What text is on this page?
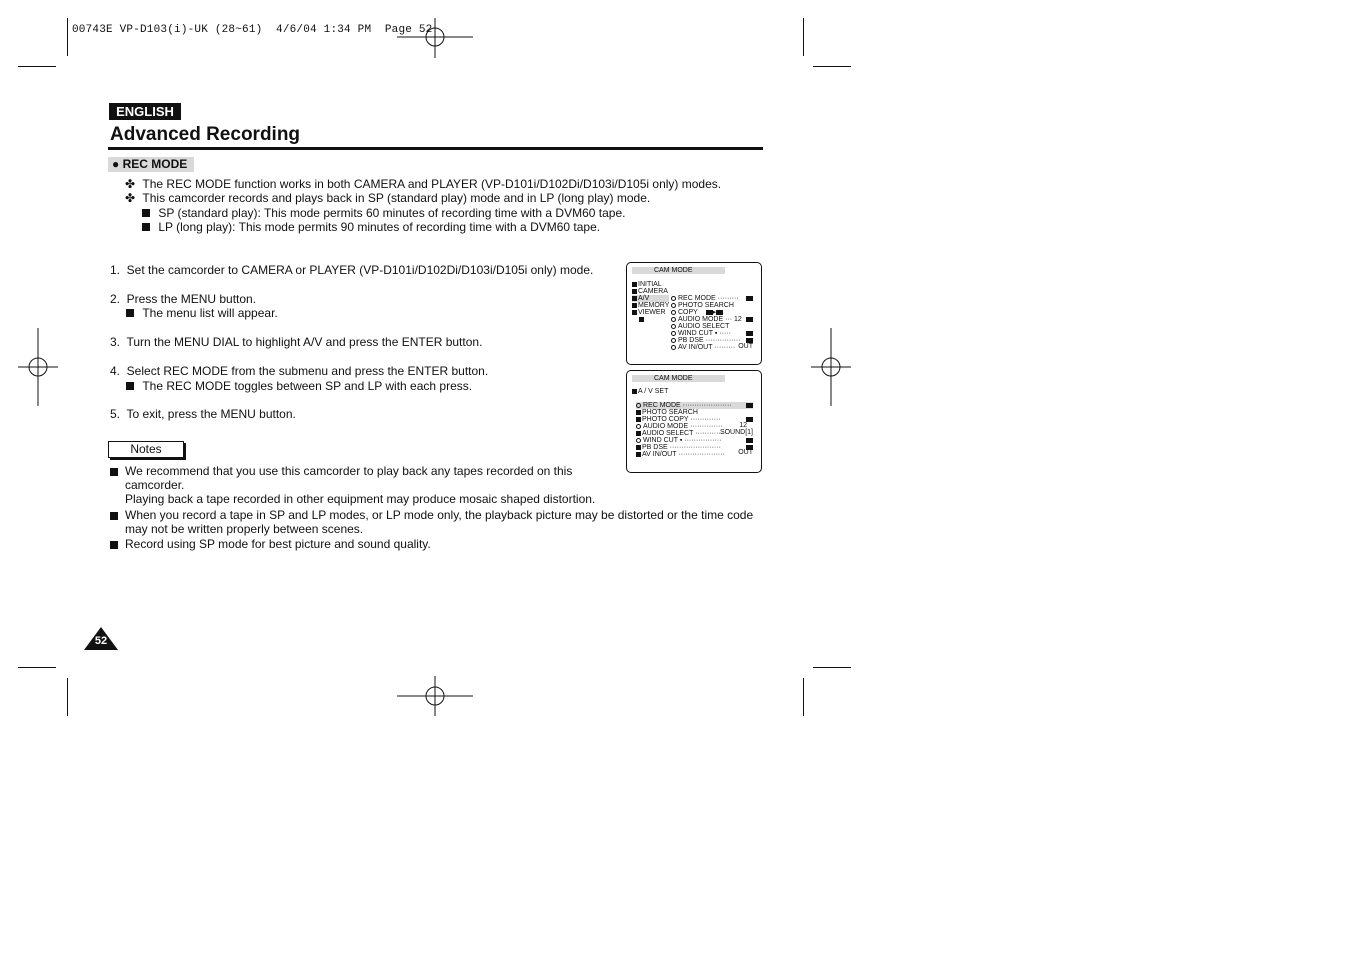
00743E VP-D103(i)-UK (28~61)  4/6/04 1:34 PM  Page 52
ENGLISH
Advanced Recording
● REC MODE
✤ The REC MODE function works in both CAMERA and PLAYER (VP-D101i/D102Di/D103i/D105i only) modes.
✤ This camcorder records and plays back in SP (standard play) mode and in LP (long play) mode.
SP (standard play): This mode permits 60 minutes of recording time with a DVM60 tape.
LP (long play): This mode permits 90 minutes of recording time with a DVM60 tape.
1.  Set the camcorder to CAMERA or PLAYER (VP-D101i/D102Di/D103i/D105i only) mode.
2.  Press the MENU button.
The menu list will appear.
3.  Turn the MENU DIAL to highlight A/V and press the ENTER button.
4.  Select REC MODE from the submenu and press the ENTER button.
The REC MODE toggles between SP and LP with each press.
5.  To exit, press the MENU button.
Notes
We recommend that you use this camcorder to play back any tapes recorded on this
camcorder.
Playing back a tape recorded in other equipment may produce mosaic shaped distortion.
When you record a tape in SP and LP modes, or LP mode only, the playback picture may be distorted or the time code
may not be written properly between scenes.
Record using SP mode for best picture and sound quality.
52
CAM MODE
INITIAL
CAMERA
A/V
MEMORY
VIEWER
REC MODE ·········
PHOTO SEARCH
COPY ▸
AUDIO MODE ··· 12
AUDIO SELECT
WIND CUT ▪ ·····
PB DSE ···············
AV IN/OUT ········· OUT
CAM MODE
A / V SET
REC MODE ·····················
PHOTO SEARCH
PHOTO COPY ·············
AUDIO MODE ·············· 12
AUDIO SELECT ············
SOUND[1]
WIND CUT ▪ ················
PB DSE ······················
AV IN/OUT ···················· OUT
